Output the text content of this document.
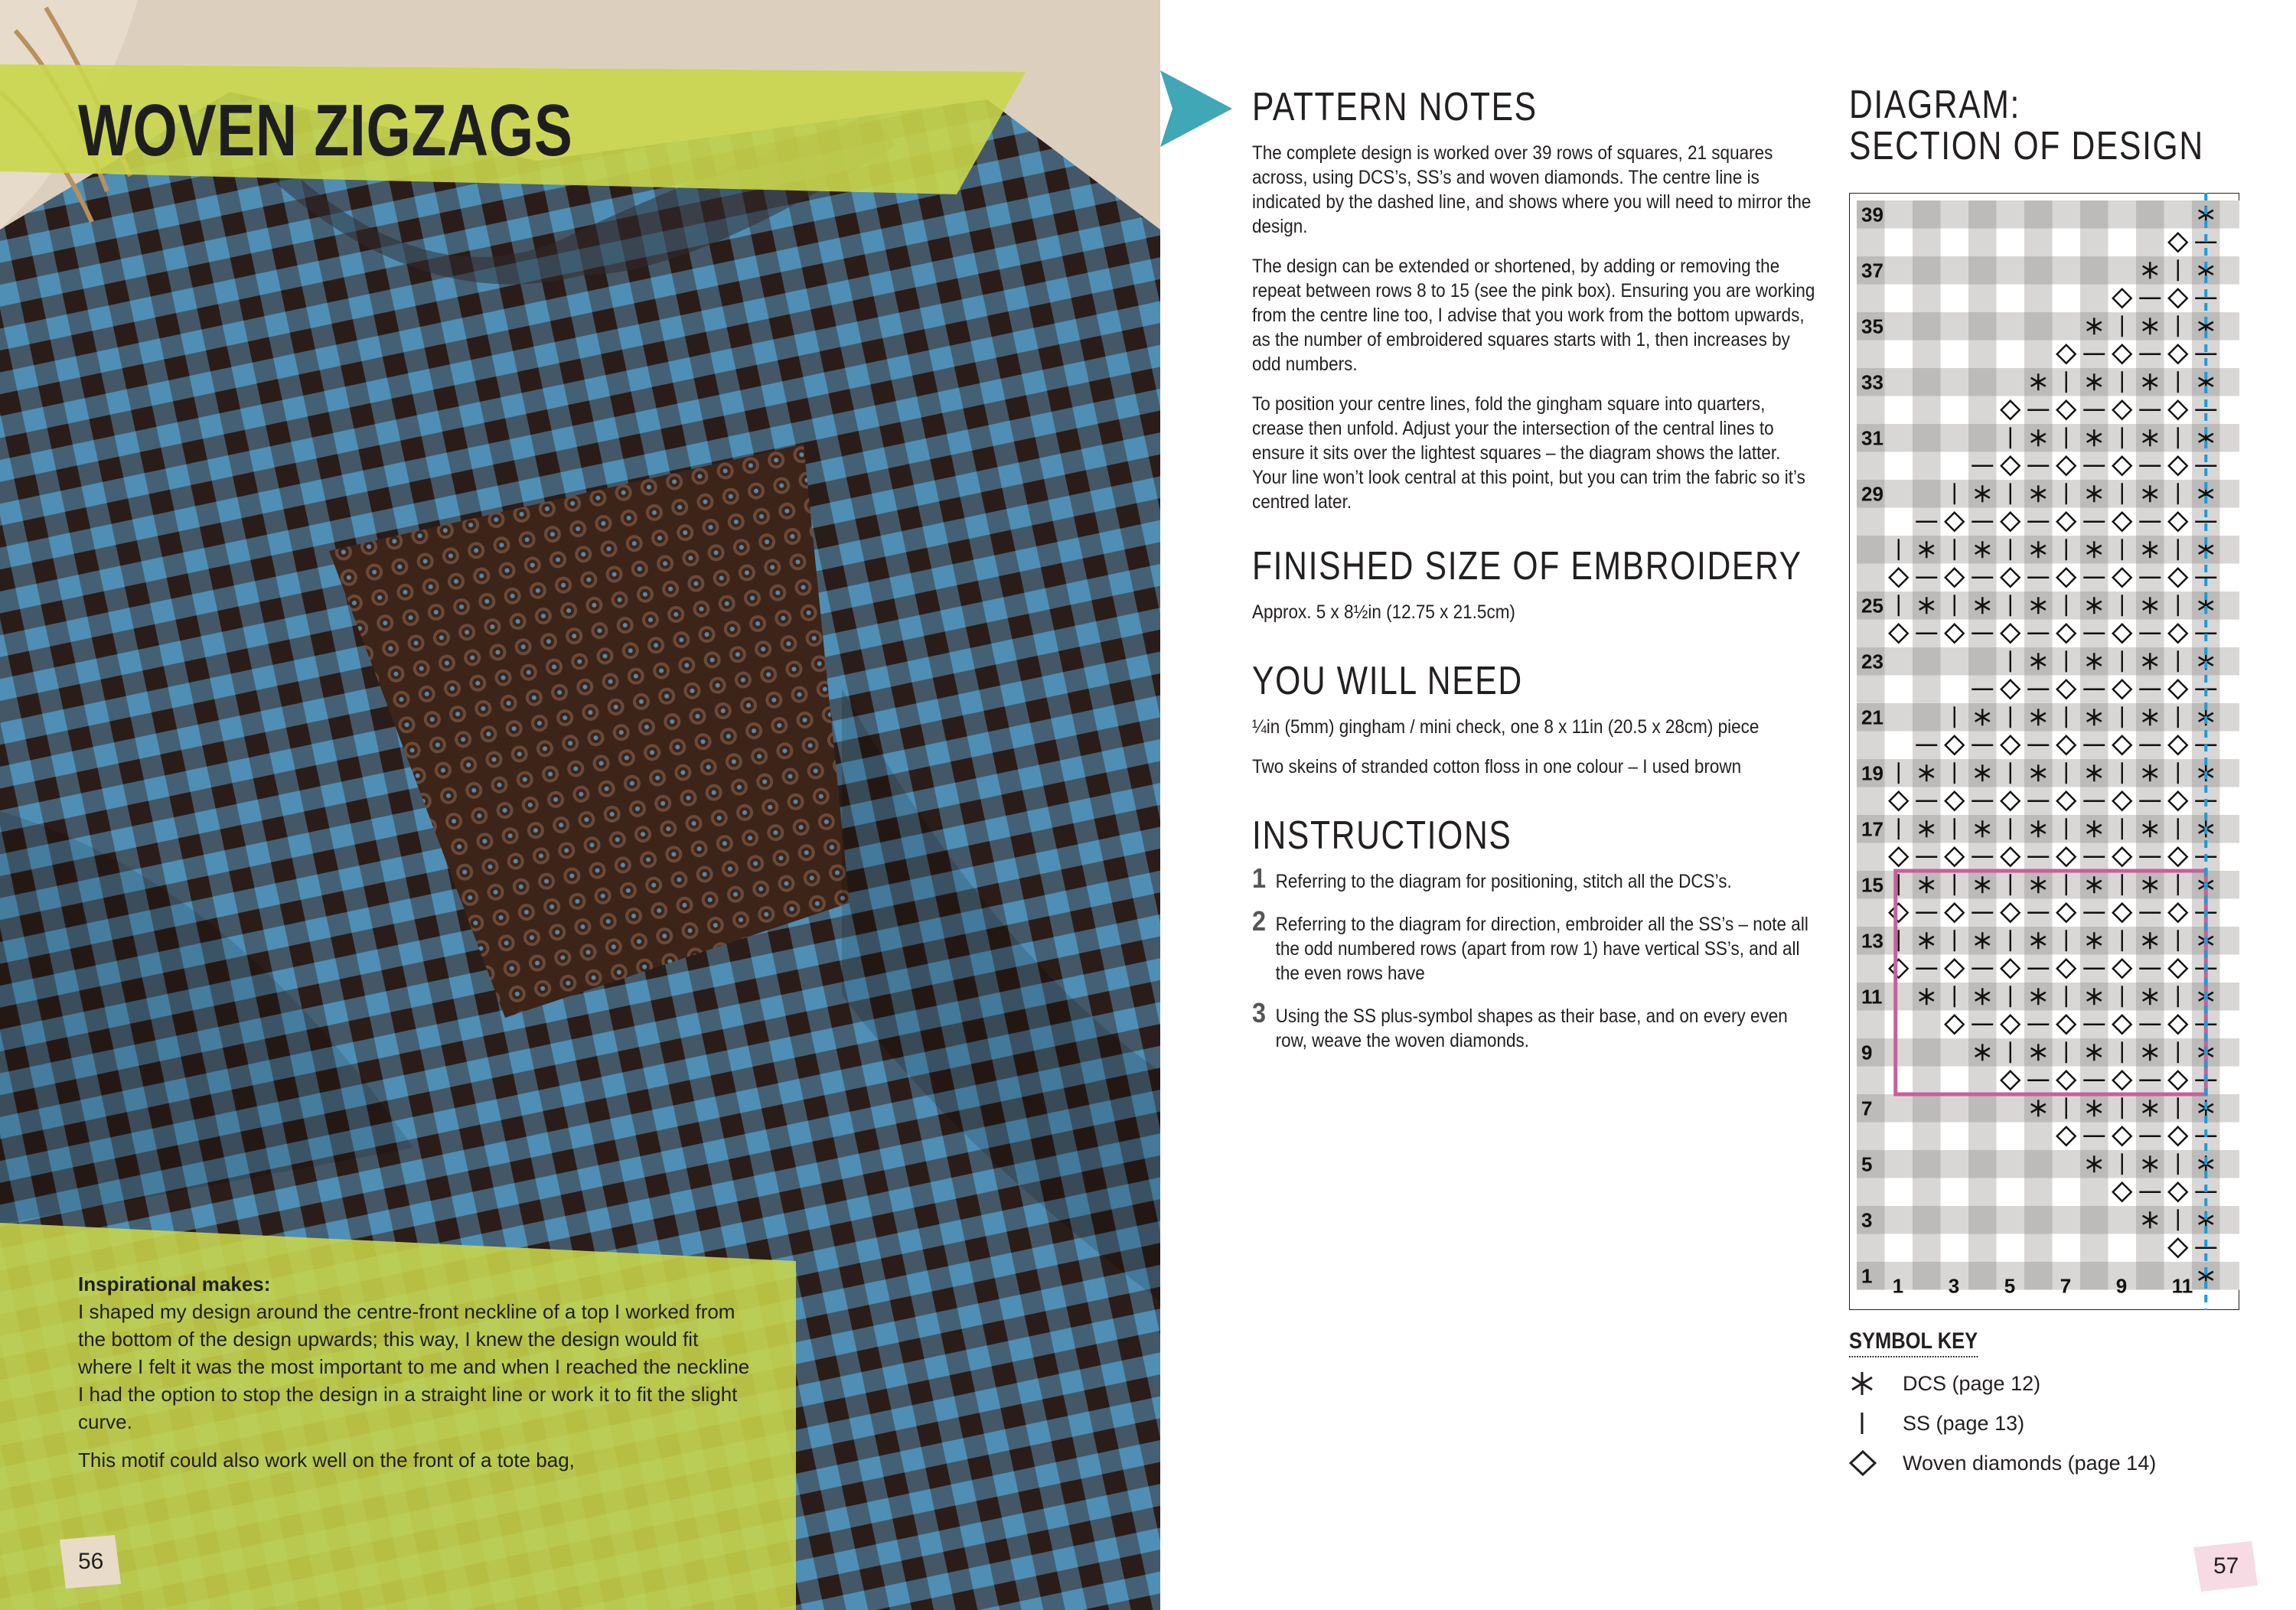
WOVEN ZIGZAGS

Inspirational makes:

I shaped my design around the centre-front neckline of a top I worked from the bottom of the design upwards; this way, I knew the design would fit where I felt it was the most important to me and when I reached the neckline I had the option to stop the design in a straight line or work it to fit the slight curve.

This motif could also work well on the front of a tote bag,

56
PATTERN NOTES

The complete design is worked over 39 rows of squares, 21 squares across, using DCS’s, SS’s and woven diamonds. The centre line is indicated by the dashed line, and shows where you will need to mirror the design.

The design can be extended or shortened, by adding or removing the repeat between rows 8 to 15 (see the pink box). Ensuring you are working from the centre line too, I advise that you work from the bottom upwards, as the number of embroidered squares starts with 1, then increases by odd numbers.

To position your centre lines, fold the gingham square into quarters, crease then unfold. Adjust your the intersection of the central lines to ensure it sits over the lightest squares – the diagram shows the latter. Your line won’t look central at this point, but you can trim the fabric so it’s centred later.

FINISHED SIZE OF EMBROIDERY

Approx. 5 x 8½in (12.75 x 21.5cm)

YOU WILL NEED

¼in (5mm) gingham / mini check, one 8 x 11in (20.5 x 28cm) piece

Two skeins of stranded cotton floss in one colour – I used brown

INSTRUCTIONS
1 Referring to the diagram for positioning, stitch all the DCS’s.

2 Referring to the diagram for direction, embroider all the SS’s – note all the odd numbered rows (apart from row 1) have vertical SS’s, and all the even rows have

3 Using the SS plus-symbol shapes as their base, and on every even row, weave the woven diamonds.

DIAGRAM:
SECTION OF DESIGN
39
37
35
33
31
29
25
23
21
19
17
15
13
11
9
7
5
3
1 1 3 5 7 9 11
SYMBOL KEY
DCS (page 12)
SS (page 13)
Woven diamonds (page 14)
57
